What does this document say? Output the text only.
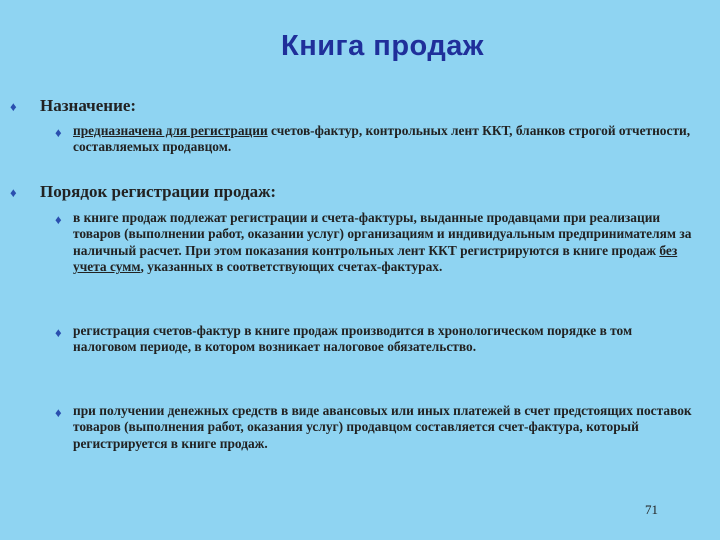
Книга продаж
♦ Назначение:
♦ предназначена для регистрации счетов-фактур, контрольных лент ККТ, бланков строгой отчетности, составляемых продавцом.
♦ Порядок регистрации продаж:
♦ в книге продаж подлежат регистрации и счета-фактуры, выданные продавцами при реализации товаров (выполнении работ, оказании услуг) организациям и индивидуальным предпринимателям за наличный расчет. При этом показания контрольных лент ККТ регистрируются в книге продаж без учета сумм, указанных в соответствующих счетах-фактурах.
♦ регистрация счетов-фактур в книге продаж производится в хронологическом порядке в том налоговом периоде, в котором возникает налоговое обязательство.
♦ при получении денежных средств в виде авансовых или иных платежей в счет предстоящих поставок товаров (выполнения работ, оказания услуг) продавцом составляется счет-фактура, который регистрируется в книге продаж.
71
